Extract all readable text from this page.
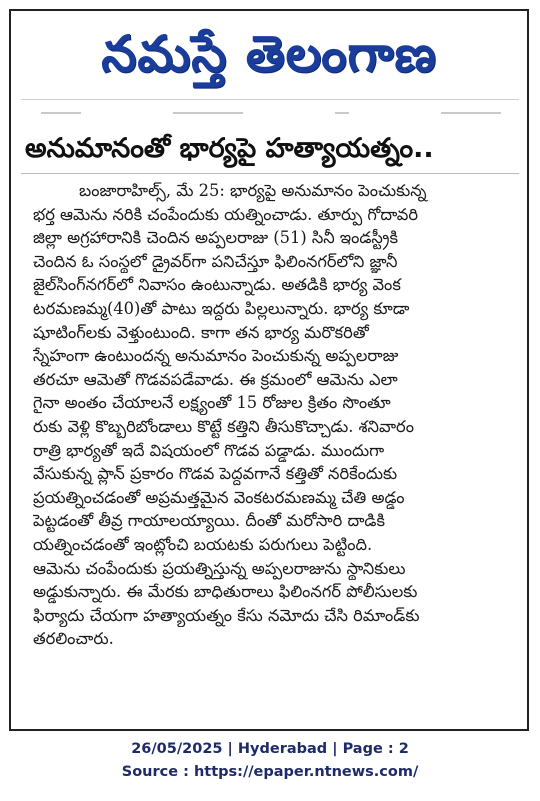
నమస్తే తెలంగాణ
అనుమానంతో భార్యపై హత్యాయత్నం..
బంజారాహిల్స్, మే 25: భార్యపై అనుమానం పెంచుకున్న
భర్త ఆమెను నరికి చంపేందుకు యత్నించాడు. తూర్పు గోదావరి
జిల్లా అగ్రహారానికి చెందిన అప్పలరాజు (51) సినీ ఇండస్ట్రీకి
చెందిన ఓ సంస్థలో డ్రైవర్‌గా పనిచేస్తూ ఫిలింనగర్‌లోని జ్ఞానీ
జైల్‌సింగ్‌నగర్‌లో నివాసం ఉంటున్నాడు. అతడికి భార్య వెంక
టరమణమ్మ(40)తో పాటు ఇద్దరు పిల్లలున్నారు. భార్య కూడా
షూటింగ్‌లకు వెళ్తుంటుంది. కాగా తన భార్య మరొకరితో
స్నేహంగా ఉంటుందన్న అనుమానం పెంచుకున్న అప్పలరాజు
తరచూ ఆమెతో గొడవపడేవాడు. ఈ క్రమంలో ఆమెను ఎలా
గైనా అంతం చేయాలనే లక్ష్యంతో 15 రోజుల క్రితం సొంతూ
రుకు వెళ్లి కొబ్బరిబోండాలు కొట్టే కత్తిని తీసుకొచ్చాడు. శనివారం
రాత్రి భార్యతో ఇదే విషయంలో గొడవ పడ్డాడు. ముందుగా
వేసుకున్న ప్లాన్ ప్రకారం గొడవ పెద్దవగానే కత్తితో నరికేందుకు
ప్రయత్నించడంతో అప్రమత్తమైన వెంకటరమణమ్మ చేతి అడ్డం
పెట్టడంతో తీవ్ర గాయాలయ్యాయి. దీంతో మరోసారి దాడికి
యత్నించడంతో ఇంట్లోంచి బయటకు పరుగులు పెట్టింది.
ఆమెను చంపేందుకు ప్రయత్నిస్తున్న అప్పలరాజును స్థానికులు
అడ్డుకున్నారు. ఈ మేరకు బాధితురాలు ఫిలింనగర్ పోలీసులకు
ఫిర్యాదు చేయగా హత్యాయత్నం కేసు నమోదు చేసి రిమాండ్‌కు
తరలించారు.
26/05/2025 | Hyderabad | Page : 2
Source : https://epaper.ntnews.com/
